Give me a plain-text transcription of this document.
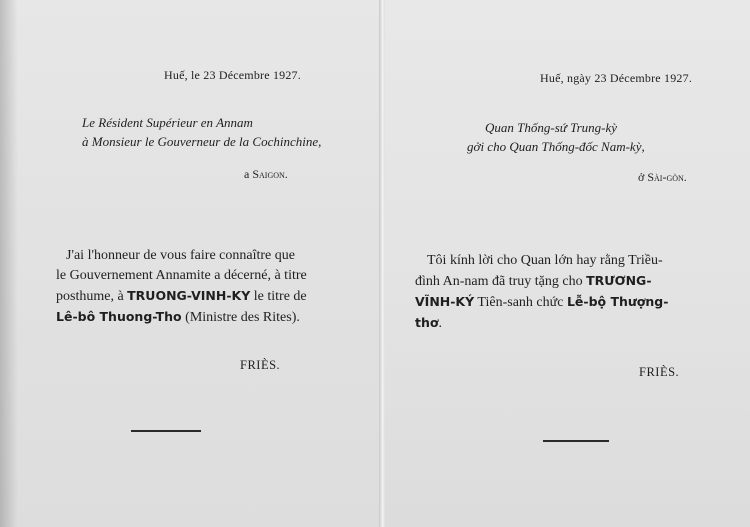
Huế, le 23 Décembre 1927.
Le Résident Supérieur en Annam
à Monsieur le Gouverneur de la Cochinchine,
a Saigon.
J'ai l'honneur de vous faire connaître que
le Gouvernement Annamite a décerné, à titre
posthume, à TRUONG-VINH-KY le titre de
Lê-bô Thuong-Tho (Ministre des Rites).
FRIÈS.
Huế, ngày 23 Décembre 1927.
Quan Thống-sứ Trung-kỳ
gởi cho Quan Thống-đốc Nam-kỳ,
ở Sài-gòn.
Tôi kính lời cho Quan lớn hay rằng Triều-
đình An-nam đã truy tặng cho TRƯƠNG-
VĨNH-KÝ Tiên-sanh chức Lễ-bộ Thượng-
thơ.
FRIÈS.
